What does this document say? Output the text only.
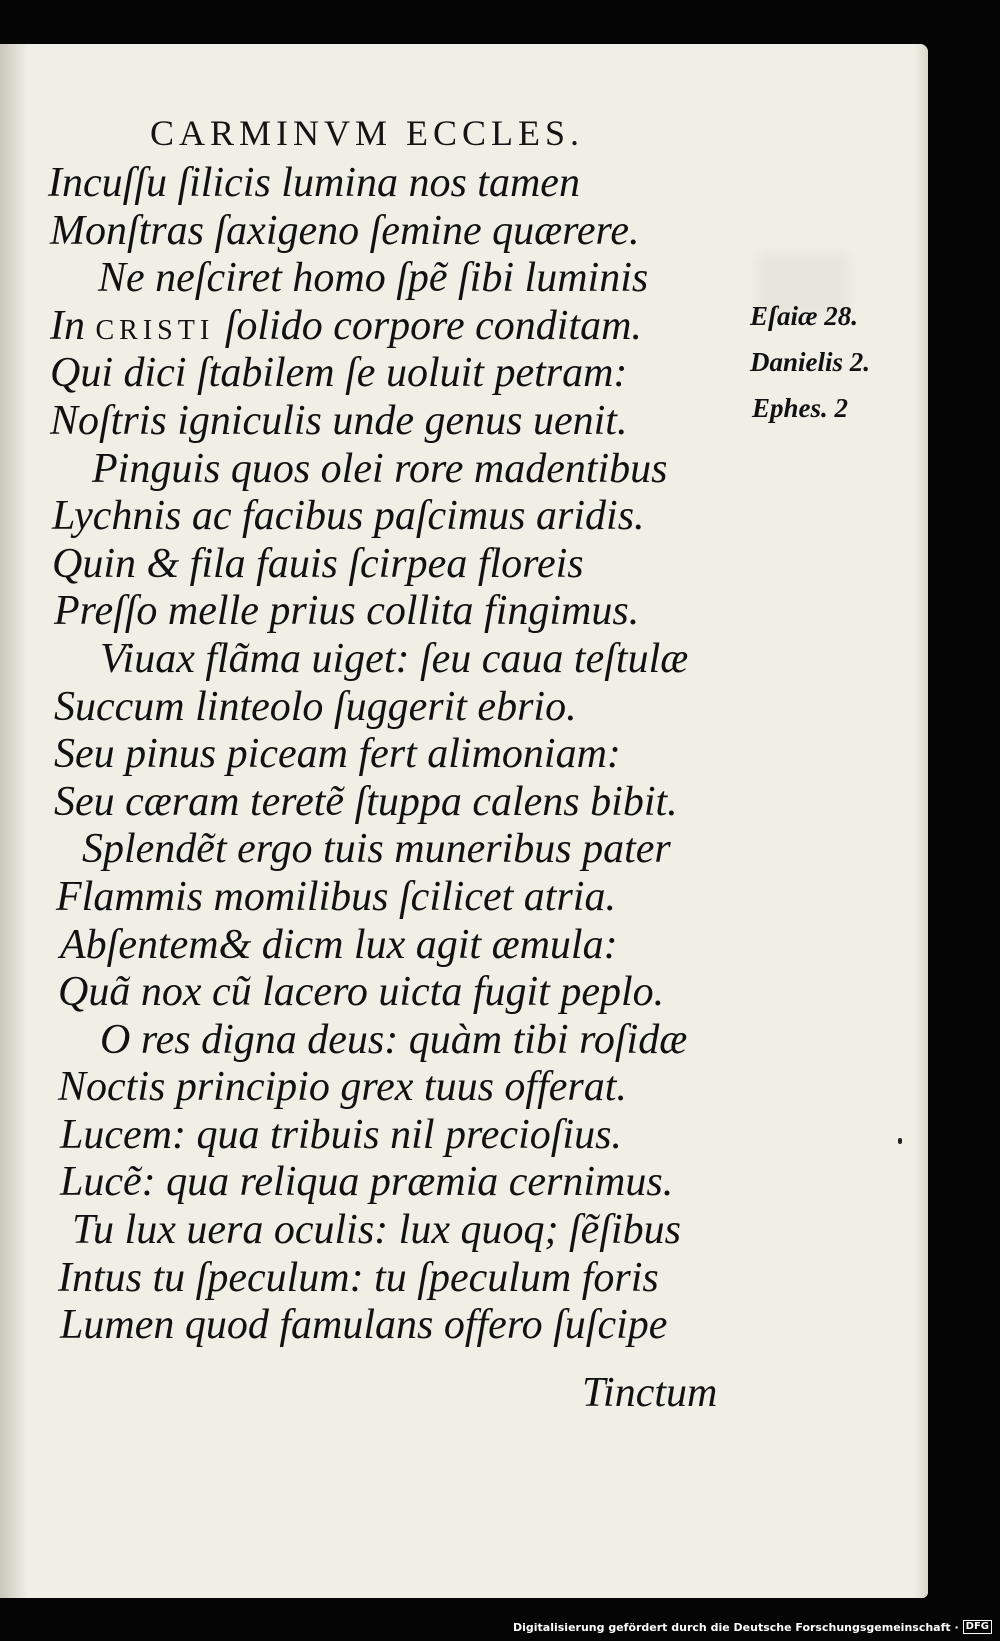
CARMINVM ECCLES.
Incuſſu ſilicis lumina nos tamen
Monſtras ſaxigeno ſemine quærere.
Ne neſciret homo ſpẽ ſibi luminis
In CRISTI ſolido corpore conditam.
Qui dici ſtabilem ſe uoluit petram:
Noſtris igniculis unde genus uenit.
Pinguis quos olei rore madentibus
Lychnis ac facibus paſcimus aridis.
Quin & fila fauis ſcirpea floreis
Preſſo melle prius collita fingimus.
Viuax flãma uiget: ſeu caua teſtulæ
Succum linteolo ſuggerit ebrio.
Seu pinus piceam fert alimoniam:
Seu cæram teretẽ ſtuppa calens bibit.
Splendẽt ergo tuis muneribus pater
Flammis momilibus ſcilicet atria.
Abſentem& dicm lux agit æmula:
Quã nox cũ lacero uicta fugit peplo.
O res digna deus: quàm tibi roſidæ
Noctis principio grex tuus offerat.
Lucem: qua tribuis nil precioſius.
Lucẽ: qua reliqua præmia cernimus.
Tu lux uera oculis: lux quoq; ſẽſibus
Intus tu ſpeculum: tu ſpeculum foris
Lumen quod famulans offero ſuſcipe
Tinctum
Eſaiæ 28.
Danielis 2.
Ephes. 2
Digitalisierung gefördert durch die Deutsche Forschungsgemeinschaft · DFG
